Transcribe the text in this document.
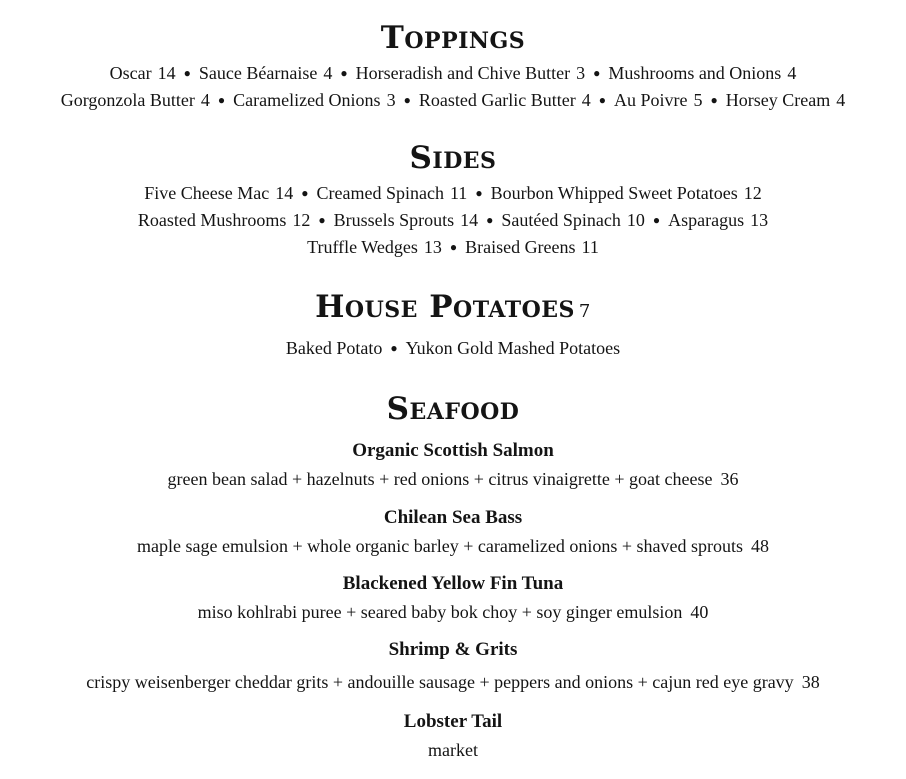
Toppings
Oscar 14 ● Sauce Béarnaise 4 ● Horseradish and Chive Butter 3 ● Mushrooms and Onions 4
Gorgonzola Butter 4 ● Caramelized Onions 3 ● Roasted Garlic Butter 4 ● Au Poivre 5 ● Horsey Cream 4
Sides
Five Cheese Mac 14 ● Creamed Spinach 11 ● Bourbon Whipped Sweet Potatoes 12
Roasted Mushrooms 12 ● Brussels Sprouts 14 ● Sautéed Spinach 10 ● Asparagus 13
Truffle Wedges 13 ● Braised Greens 11
House Potatoes 7
Baked Potato ● Yukon Gold Mashed Potatoes
Seafood
Organic Scottish Salmon
green bean salad + hazelnuts + red onions + citrus vinaigrette + goat cheese 36
Chilean Sea Bass
maple sage emulsion + whole organic barley + caramelized onions + shaved sprouts 48
Blackened Yellow Fin Tuna
miso kohlrabi puree + seared baby bok choy + soy ginger emulsion 40
Shrimp & Grits
crispy weisenberger cheddar grits + andouille sausage + peppers and onions + cajun red eye gravy 38
Lobster Tail
market
